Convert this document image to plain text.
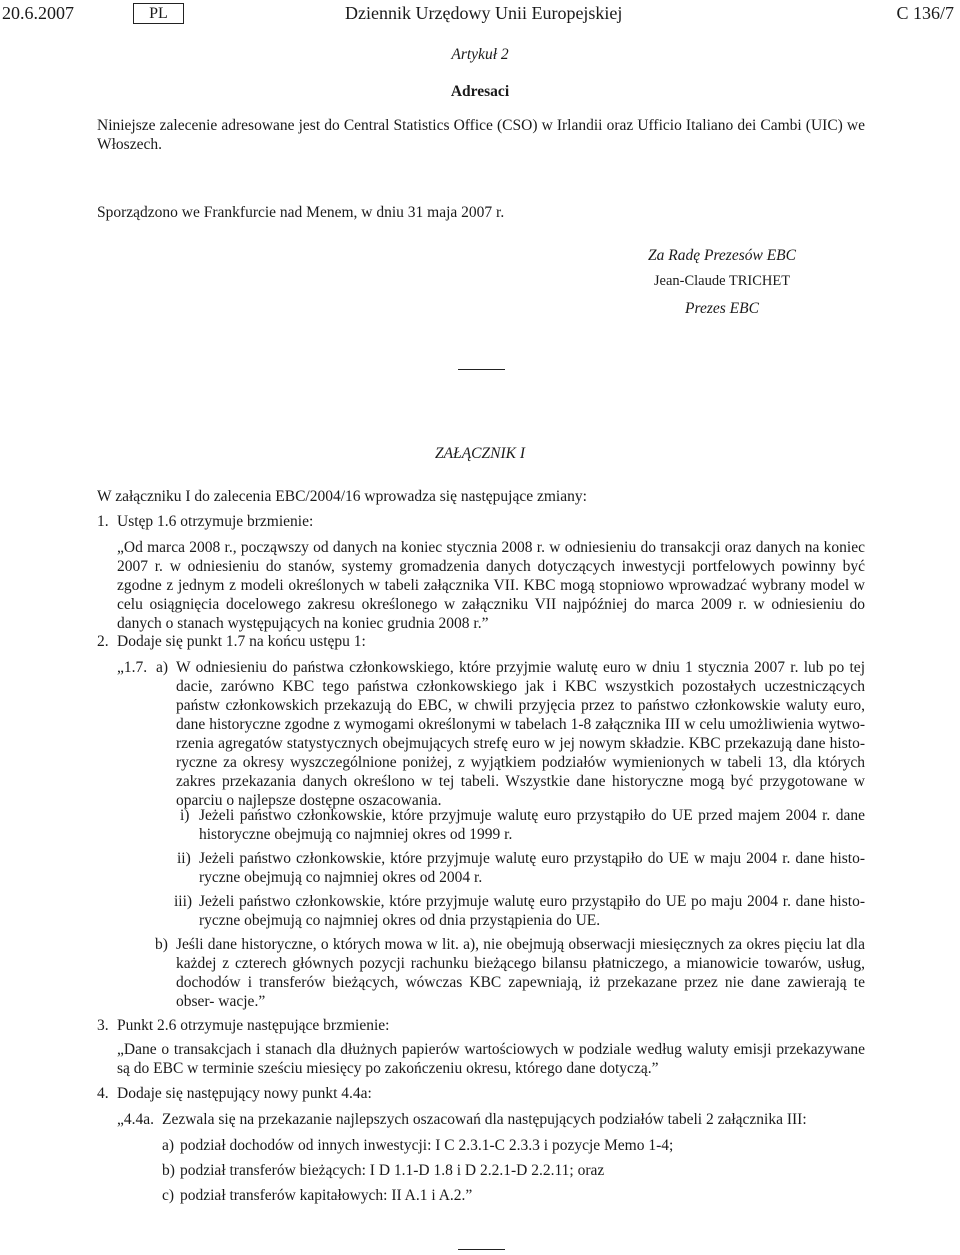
20.6.2007	PL	Dziennik Urzędowy Unii Europejskiej	C 136/7
Artykuł 2
Adresaci
Niniejsze zalecenie adresowane jest do Central Statistics Office (CSO) w Irlandii oraz Ufficio Italiano dei Cambi (UIC) we Włoszech.
Sporządzono we Frankfurcie nad Menem, w dniu 31 maja 2007 r.
Za Radę Prezesów EBC
Jean-Claude TRICHET
Prezes EBC
ZAŁĄCZNIK I
W załączniku I do zalecenia EBC/2004/16 wprowadza się następujące zmiany:
1. Ustęp 1.6 otrzymuje brzmienie:
„Od marca 2008 r., począwszy od danych na koniec stycznia 2008 r. w odniesieniu do transakcji oraz danych na koniec 2007 r. w odniesieniu do stanów, systemy gromadzenia danych dotyczących inwestycji portfelowych powinny być zgodne z jednym z modeli określonych w tabeli załącznika VII. KBC mogą stopniowo wprowadzać wybrany model w celu osiągnięcia docelowego zakresu określonego w załączniku VII najpóźniej do marca 2009 r. w odniesieniu do danych o stanach występujących na koniec grudnia 2008 r.”
2. Dodaje się punkt 1.7 na końcu ustępu 1:
„1.7. a) W odniesieniu do państwa członkowskiego, które przyjmie walutę euro w dniu 1 stycznia 2007 r. lub po tej dacie, zarówno KBC tego państwa członkowskiego jak i KBC wszystkich pozostałych uczestniczących państw członkowskich przekazują do EBC, w chwili przyjęcia przez to państwo członkowskie waluty euro, dane historyczne zgodne z wymogami określonymi w tabelach 1-8 załącznika III w celu umożliwienia wytwo- rzenia agregatów statystycznych obejmujących strefę euro w jej nowym składzie. KBC przekazują dane histo- ryczne za okresy wyszczególnione poniżej, z wyjątkiem podziałów wymienionych w tabeli 13, dla których zakres przekazania danych określono w tej tabeli. Wszystkie dane historyczne mogą być przygotowane w oparciu o najlepsze dostępne oszacowania.
i) Jeżeli państwo członkowskie, które przyjmuje walutę euro przystąpiło do UE przed majem 2004 r. dane historyczne obejmują co najmniej okres od 1999 r.
ii) Jeżeli państwo członkowskie, które przyjmuje walutę euro przystąpiło do UE w maju 2004 r. dane histo- ryczne obejmują co najmniej okres od 2004 r.
iii) Jeżeli państwo członkowskie, które przyjmuje walutę euro przystąpiło do UE po maju 2004 r. dane histo- ryczne obejmują co najmniej okres od dnia przystąpienia do UE.
b) Jeśli dane historyczne, o których mowa w lit. a), nie obejmują obserwacji miesięcznych za okres pięciu lat dla każdej z czterech głównych pozycji rachunku bieżącego bilansu płatniczego, a mianowicie towarów, usług, dochodów i transferów bieżących, wówczas KBC zapewniają, iż przekazane przez nie dane zawierają te obser- wacje.”
3. Punkt 2.6 otrzymuje następujące brzmienie:
„Dane o transakcjach i stanach dla dłużnych papierów wartościowych w podziale według waluty emisji przekazywane są do EBC w terminie sześciu miesięcy po zakończeniu okresu, którego dane dotyczą.”
4. Dodaje się następujący nowy punkt 4.4a:
„4.4a. Zezwala się na przekazanie najlepszych oszacowań dla następujących podziałów tabeli 2 załącznika III:
a) podział dochodów od innych inwestycji: I C 2.3.1-C 2.3.3 i pozycje Memo 1-4;
b) podział transferów bieżących: I D 1.1-D 1.8 i D 2.2.1-D 2.2.11; oraz
c) podział transferów kapitałowych: II A.1 i A.2.”
